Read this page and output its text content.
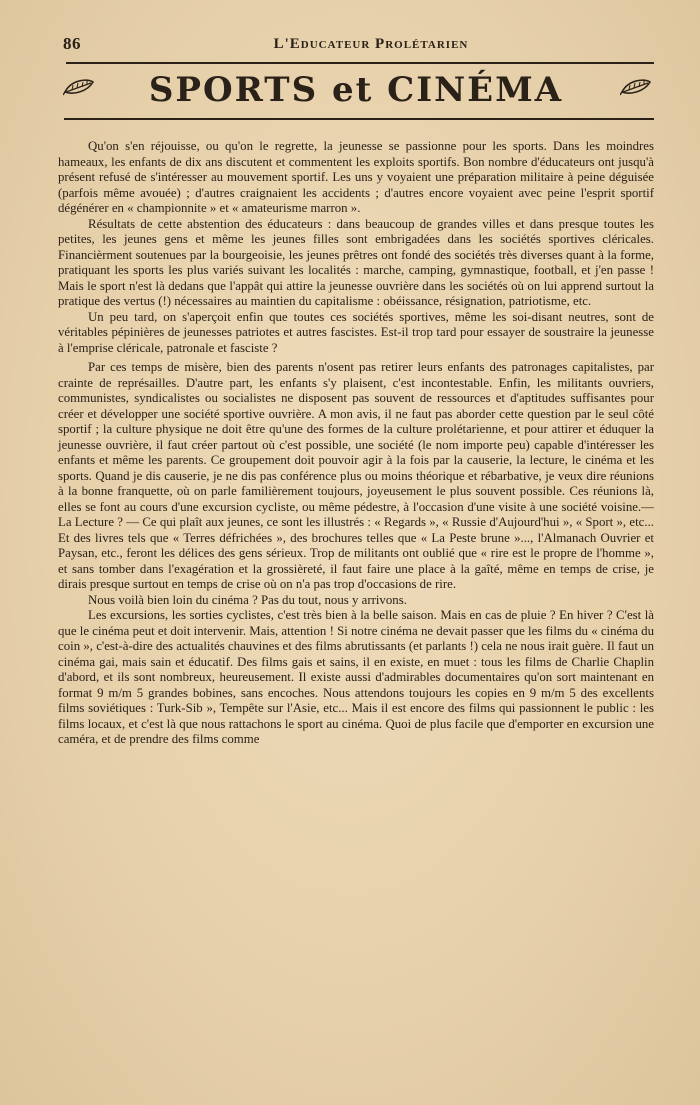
86	L'Educateur Prolétarien
SPORTS et CINÉMA

Qu'on s'en réjouisse, ou qu'on le regrette, la jeunesse se passionne pour les sports. Dans les moindres hameaux, les enfants de dix ans discutent et commentent les exploits sportifs. Bon nombre d'éducateurs ont jusqu'à présent refusé de s'intéresser au mouvement sportif. Les uns y voyaient une préparation militaire à peine déguisée (parfois même avouée) ; d'autres craignaient les accidents ; d'autres encore voyaient avec peine l'esprit sportif dégénérer en « championnite » et « amateurisme marron ».

Résultats de cette abstention des éducateurs : dans beaucoup de grandes villes et dans presque toutes les petites, les jeunes gens et même les jeunes filles sont embrigadées dans les sociétés sportives cléricales. Financièrment soutenues par la bourgeoisie, les jeunes prêtres ont fondé des sociétés très diverses quant à la forme, pratiquant les sports les plus variés suivant les localités : marche, camping, gymnastique, football, et j'en passe ! Mais le sport n'est là dedans que l'appât qui attire la jeunesse ouvrière dans les sociétés où on lui apprend surtout la pratique des vertus (!) nécessaires au maintien du capitalisme : obéissance, résignation, patriotisme, etc.

Un peu tard, on s'aperçoit enfin que toutes ces sociétés sportives, même les soi-disant neutres, sont de véritables pépinières de jeunesses patriotes et autres fascistes. Est-il trop tard pour essayer de soustraire la jeunesse à l'emprise cléricale, patronale et fasciste ?

Par ces temps de misère, bien des parents n'osent pas retirer leurs enfants des patronages capitalistes, par crainte de représailles. D'autre part, les enfants s'y plaisent, c'est incontestable. Enfin, les militants ouvriers, communistes, syndicalistes ou socialistes ne disposent pas souvent de ressources et d'aptitudes suffisantes pour créer et développer une société sportive ouvrière. A mon avis, il ne faut pas aborder cette question par le seul côté sportif ; la culture physique ne doit être qu'une des formes de la culture prolétarienne, et pour attirer et éduquer la jeunesse ouvrière, il faut créer partout où c'est possible, une société (le nom importe peu) capable d'intéresser les enfants et même les parents. Ce groupement doit pouvoir agir à la fois par la causerie, la lecture, le cinéma et les sports. Quand je dis causerie, je ne dis pas conférence plus ou moins théorique et rébarbative, je veux dire réunions à la bonne franquette, où on parle familièrement toujours, joyeusement le plus souvent possible. Ces réunions là, elles se font au cours d'une excursion cycliste, ou même pédestre, à l'occasion d'une visite à une société voisine.— La Lecture ? — Ce qui plaît aux jeunes, ce sont les illustrés : « Regards », « Russie d'Aujourd'hui », « Sport », etc... Et des livres tels que « Terres défrichées », des brochures telles que « La Peste brune »..., l'Almanach Ouvrier et Paysan, etc., feront les délices des gens sérieux. Trop de militants ont oublié que « rire est le propre de l'homme », et sans tomber dans l'exagération et la grossièreté, il faut faire une place à la gaîté, même en temps de crise, je dirais presque surtout en temps de crise où on n'a pas trop d'occasions de rire.

Nous voilà bien loin du cinéma ? Pas du tout, nous y arrivons.

Les excursions, les sorties cyclistes, c'est très bien à la belle saison. Mais en cas de pluie ? En hiver ? C'est là que le cinéma peut et doit intervenir. Mais, attention ! Si notre cinéma ne devait passer que les films du « cinéma du coin », c'est-à-dire des actualités chauvines et des films abrutissants (et parlants !) cela ne nous irait guère. Il faut un cinéma gai, mais sain et éducatif. Des films gais et sains, il en existe, en muet : tous les films de Charlie Chaplin d'abord, et ils sont nombreux, heureusement. Il existe aussi d'admirables documentaires qu'on sort maintenant en format 9 m/m 5 grandes bobines, sans encoches. Nous attendons toujours les copies en 9 m/m 5 des excellents films soviétiques : Turk-Sib », Tempête sur l'Asie, etc... Mais il est encore des films qui passionnent le public : les films locaux, et c'est là que nous rattachons le sport au cinéma. Quoi de plus facile que d'emporter en excursion une caméra, et de prendre des films comme
